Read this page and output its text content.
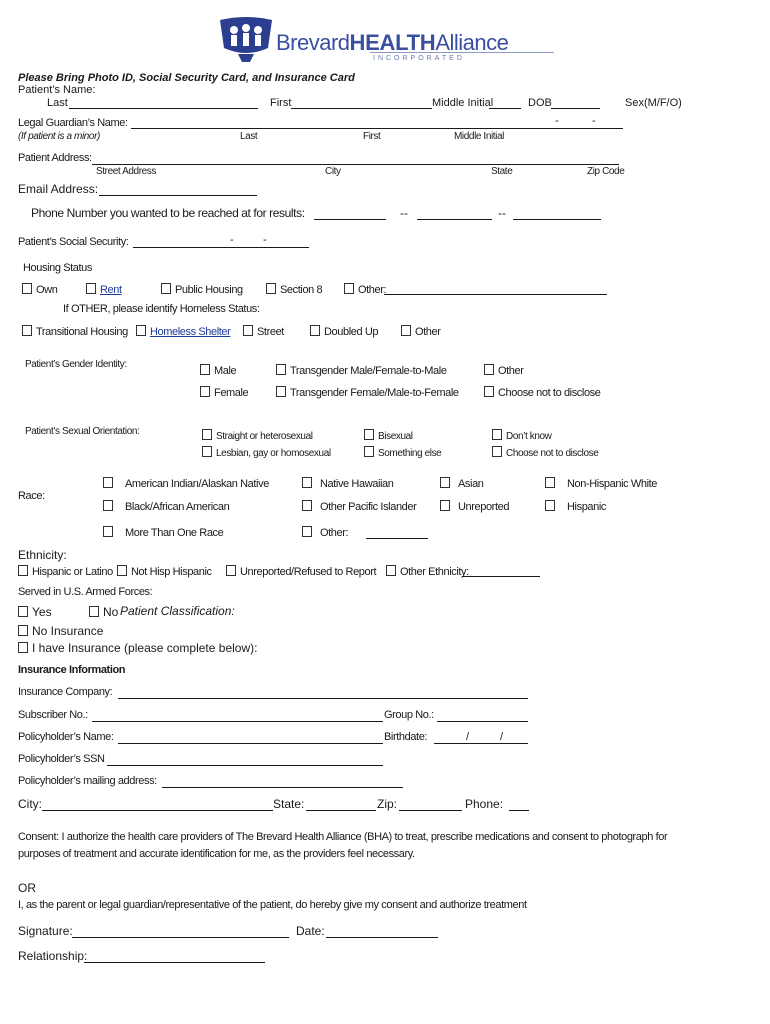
BrevardHEALTHAlliance
INCORPORATED
Please Bring Photo ID, Social Security Card, and Insurance Card
Patient’s Name:
Last	First	Middle Initial	DOB	Sex(M/F/O)
Legal Guardian’s Name:	-	-
(If patient is a minor)	Last	First	Middle Initial
Patient Address:
Street Address	City	State	Zip Code
Email Address:
Phone Number you wanted to be reached at for results:	--	--
Patient’s Social Security:	-	-
Housing Status
Own	Rent	Public Housing	Section 8	Other:
If OTHER, please identify Homeless Status:
Transitional Housing	Homeless Shelter	Street	Doubled Up	Other
Patient’s Gender Identity:
Male	Transgender Male/Female-to-Male	Other
Female	Transgender Female/Male-to-Female	Choose not to disclose
Patient’s Sexual Orientation:	Straight or heterosexual	Bisexual	Don’t know
Lesbian, gay or homosexual	Something else	Choose not to disclose
Race:
American Indian/Alaskan Native	Native Hawaiian	Asian	Non-Hispanic White
Black/African American	Other Pacific Islander	Unreported	Hispanic
More Than One Race	Other:
Ethnicity:
Hispanic or Latino	Not Hisp Hispanic	Unreported/Refused to Report	Other Ethnicity:
Served in U.S. Armed Forces:
Yes	No Patient Classification:
No Insurance
I have Insurance (please complete below):
Insurance Information
Insurance Company:
Subscriber No.:	Group No.:
Policyholder’s Name:	Birthdate:	/	/
Policyholder’s SSN
Policyholder’s mailing address:
City:	State:	Zip:	Phone:
Consent: I authorize the health care providers of The Brevard Health Alliance (BHA) to treat, prescribe medications and consent to photograph for
purposes of treatment and accurate identification for me, as the providers feel necessary.
OR
I, as the parent or legal guardian/representative of the patient, do hereby give my consent and authorize treatment
Signature:	Date:
Relationship:
